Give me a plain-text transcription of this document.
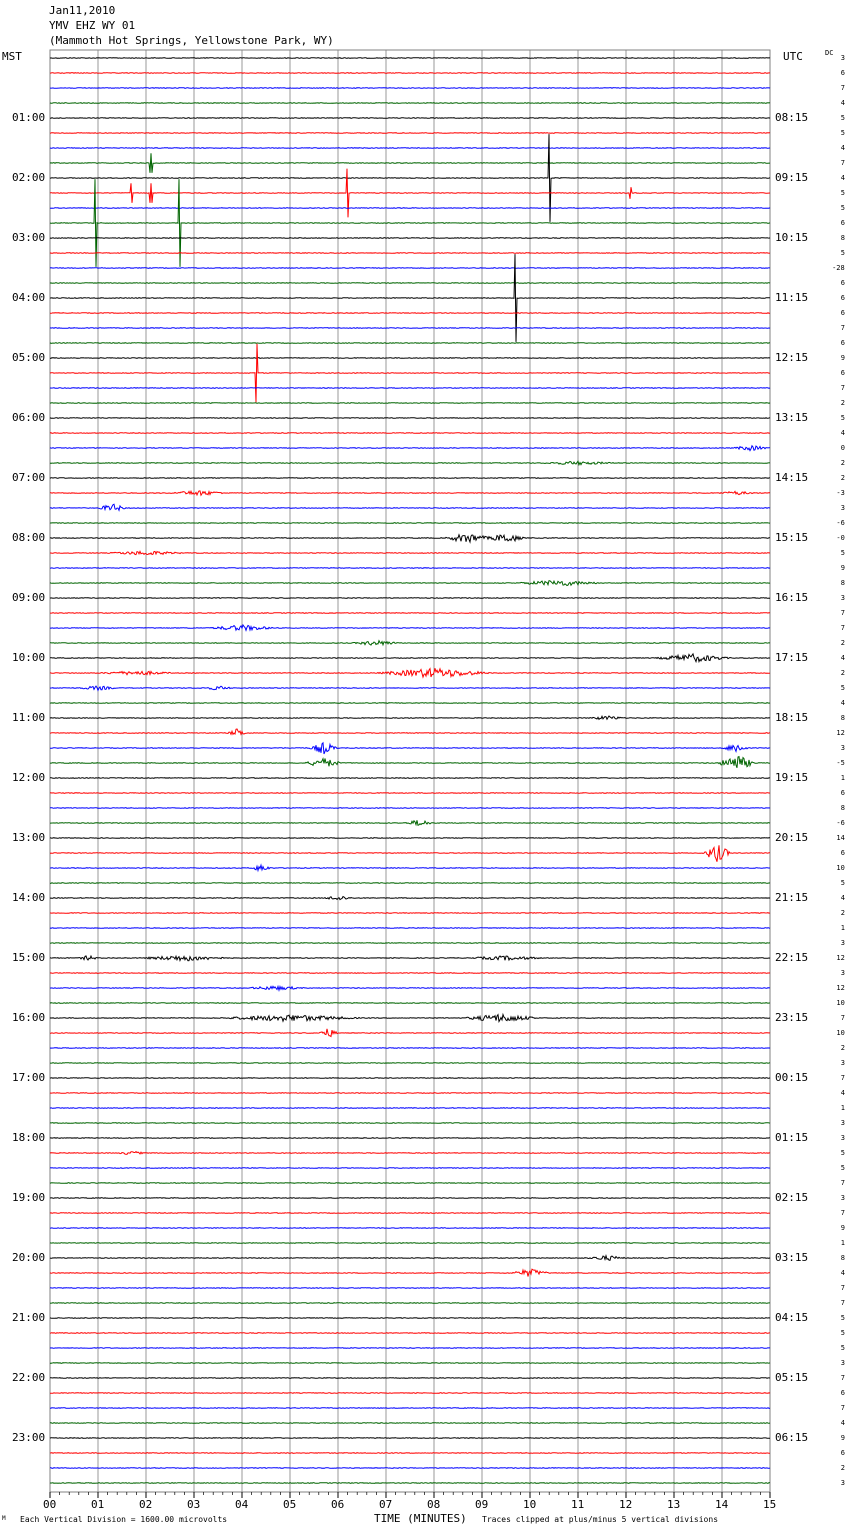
Jan11,2010
YMV EHZ WY 01
(Mammoth Hot Springs, Yellowstone Park, WY)
MST	UTC	DC
01:00
02:00
03:00
04:00
05:00
06:00
07:00
08:00
09:00
10:00
11:00
12:00
13:00
14:00
15:00
16:00
17:00
18:00
19:00
20:00
21:00
22:00
23:00
08:15
09:15
10:15
11:15
12:15
13:15
14:15
15:15
16:15
17:15
18:15
19:15
20:15
21:15
22:15
23:15
00:15
01:15
02:15
03:15
04:15
05:15
06:15
3
6
7
4
5
5
4
7
4
5
5
6
8
5
-28
6
6
6
7
6
9
6
7
2
5
4
0
2
2
-3
3
-6
-0
5
9
8
3
7
7
2
4
2
5
4
8
12
3
-5
1
6
8
-6
14
6
10
5
4
2
1
3
12
3
12
10
7
10
2
3
7
4
1
3
3
5
5
7
3
7
9
1
8
4
7
7
5
5
5
3
7
6
7
4
9
6
2
3
00	01	02	03	04	05	06	07	08	09	10	11	12	13	14	15
M Each Vertical Division = 1600.00 microvolts	TIME (MINUTES) Traces clipped at plus/minus 5 vertical divisions
